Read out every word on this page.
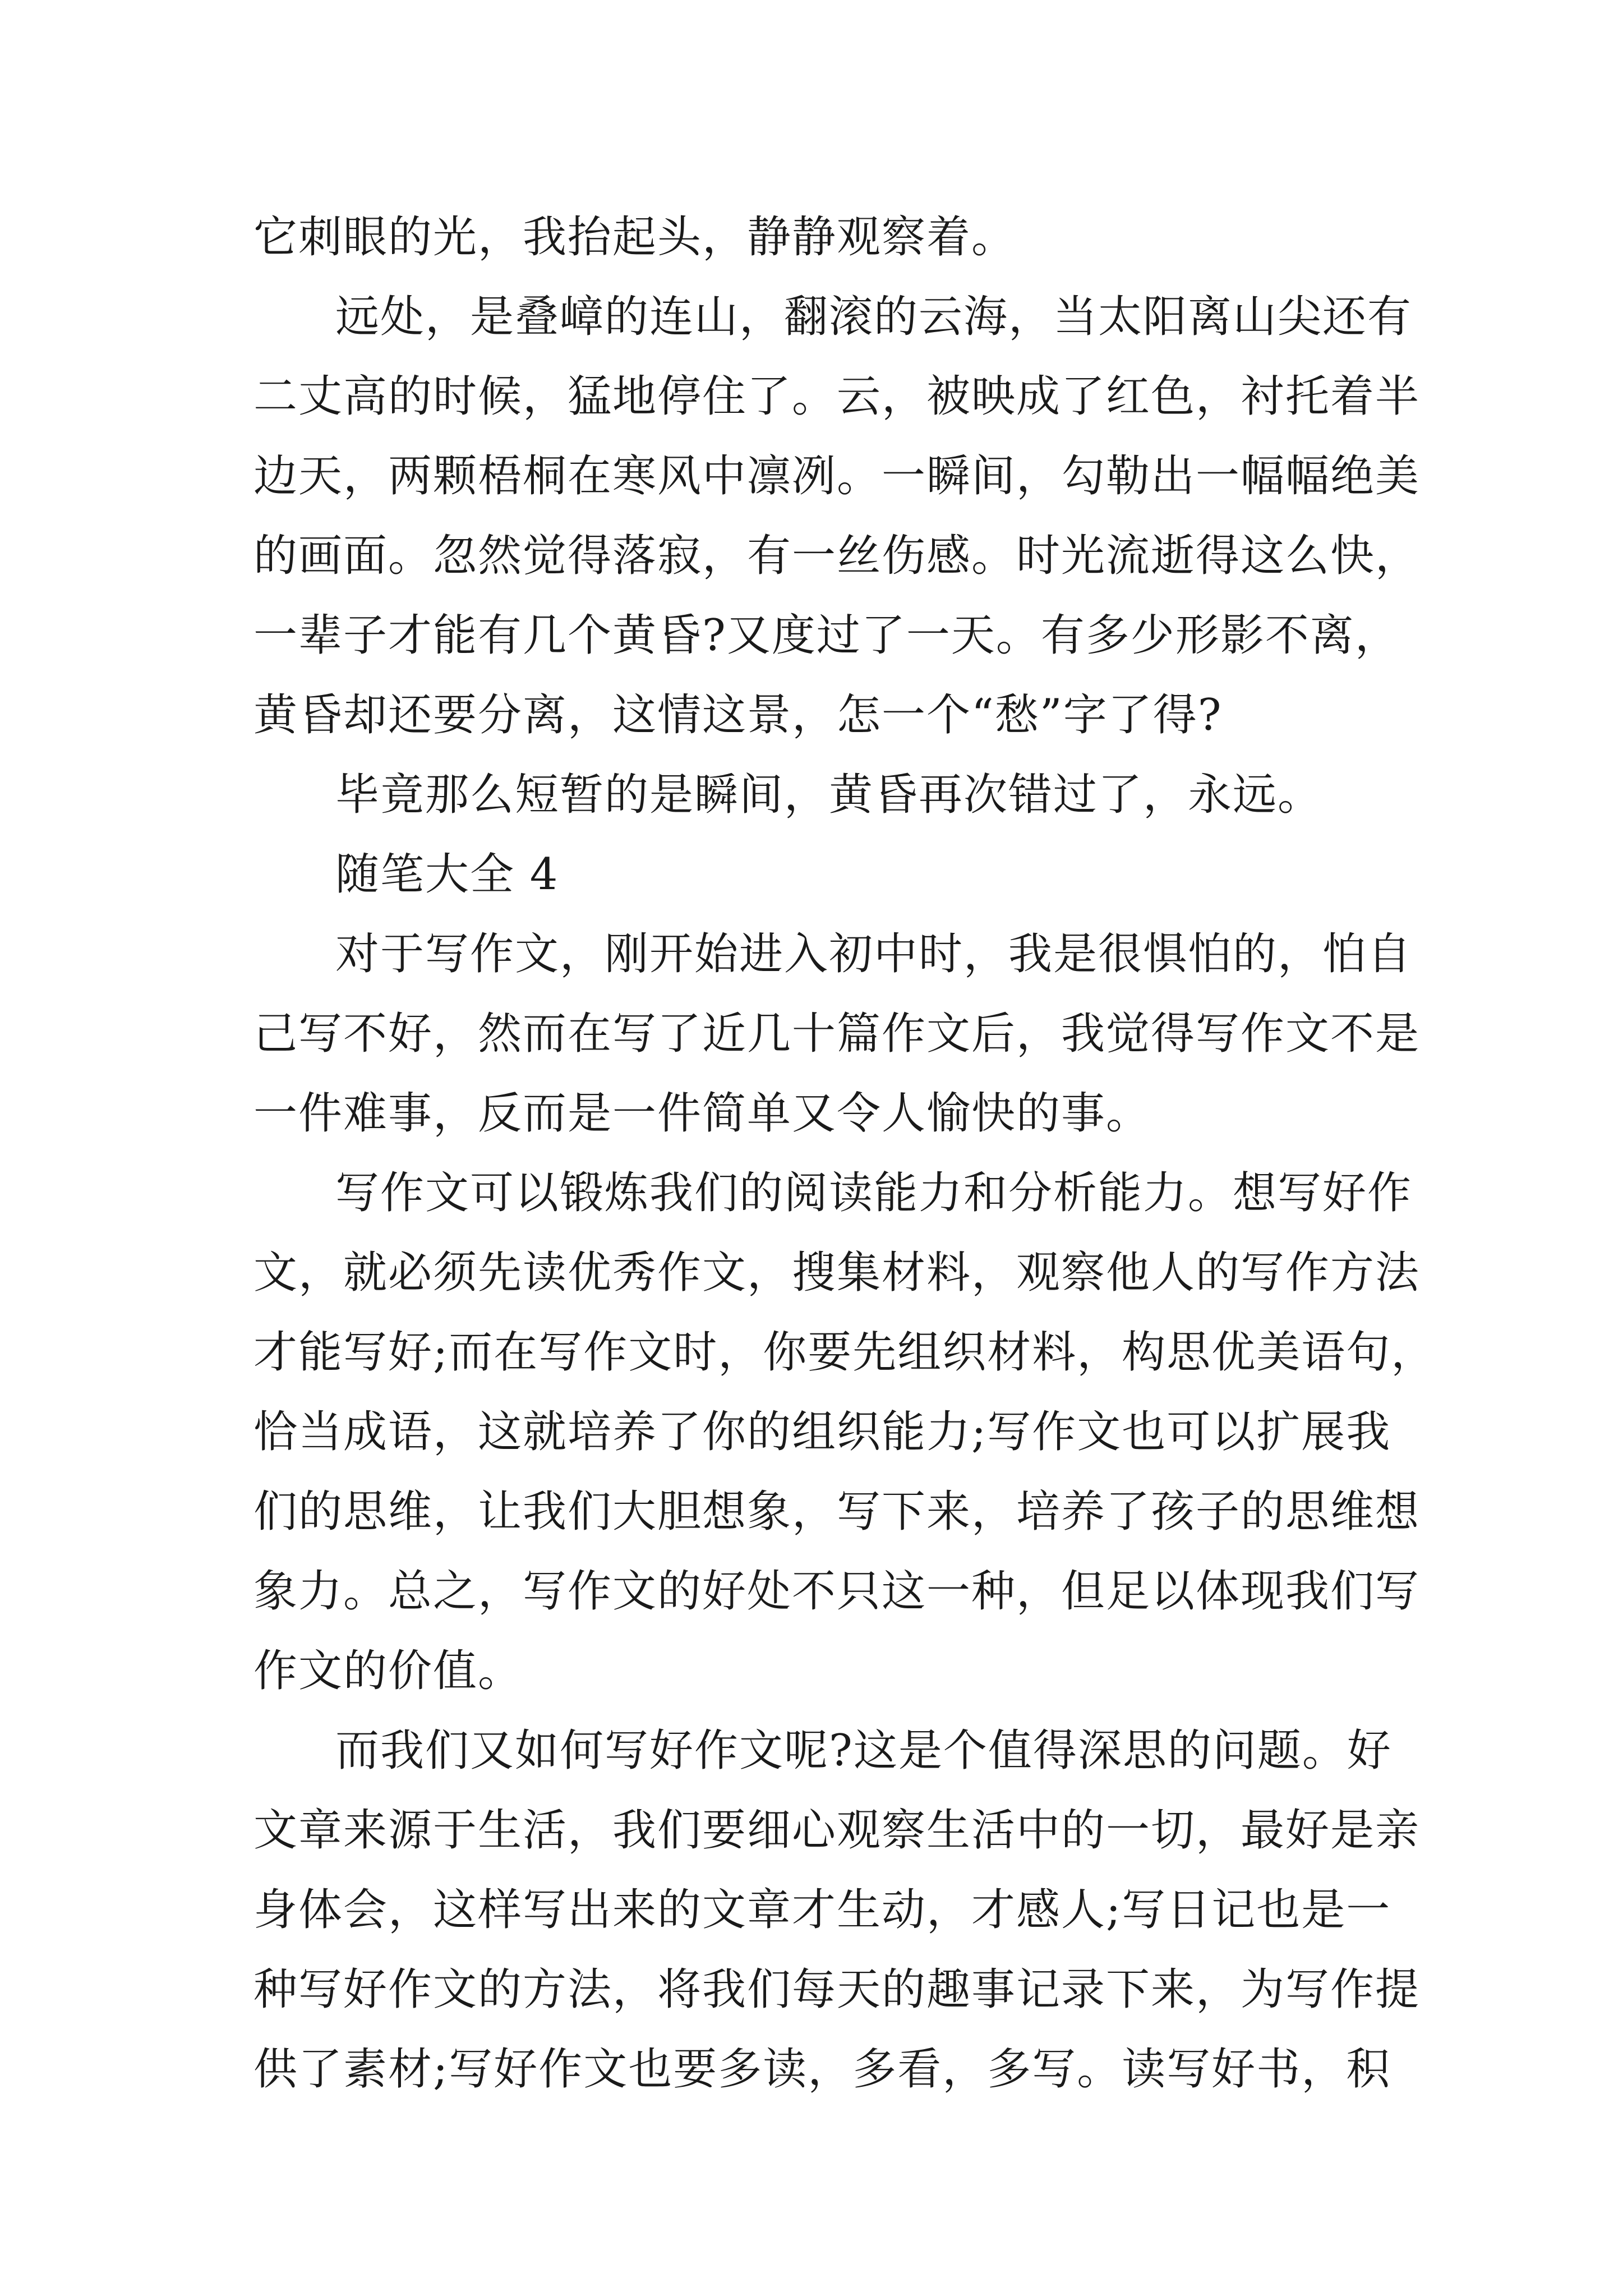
它刺眼的光，我抬起头，静静观察着。
远处，是叠嶂的连山，翻滚的云海，当太阳离山尖还有
二丈高的时候，猛地停住了。云，被映成了红色，衬托着半
边天，两颗梧桐在寒风中凛冽。一瞬间，勾勒出一幅幅绝美
的画面。忽然觉得落寂，有一丝伤感。时光流逝得这么快，
一辈子才能有几个黄昏?又度过了一天。有多少形影不离，
黄昏却还要分离，这情这景，怎一个“愁”字了得?
毕竟那么短暂的是瞬间，黄昏再次错过了，永远。
随笔大全 4
对于写作文，刚开始进入初中时，我是很惧怕的，怕自
己写不好，然而在写了近几十篇作文后，我觉得写作文不是
一件难事，反而是一件简单又令人愉快的事。
写作文可以锻炼我们的阅读能力和分析能力。想写好作
文，就必须先读优秀作文，搜集材料，观察他人的写作方法
才能写好;而在写作文时，你要先组织材料，构思优美语句，
恰当成语，这就培养了你的组织能力;写作文也可以扩展我
们的思维，让我们大胆想象，写下来，培养了孩子的思维想
象力。总之，写作文的好处不只这一种，但足以体现我们写
作文的价值。
而我们又如何写好作文呢?这是个值得深思的问题。好
文章来源于生活，我们要细心观察生活中的一切，最好是亲
身体会，这样写出来的文章才生动，才感人;写日记也是一
种写好作文的方法，将我们每天的趣事记录下来，为写作提
供了素材;写好作文也要多读，多看，多写。读写好书，积
